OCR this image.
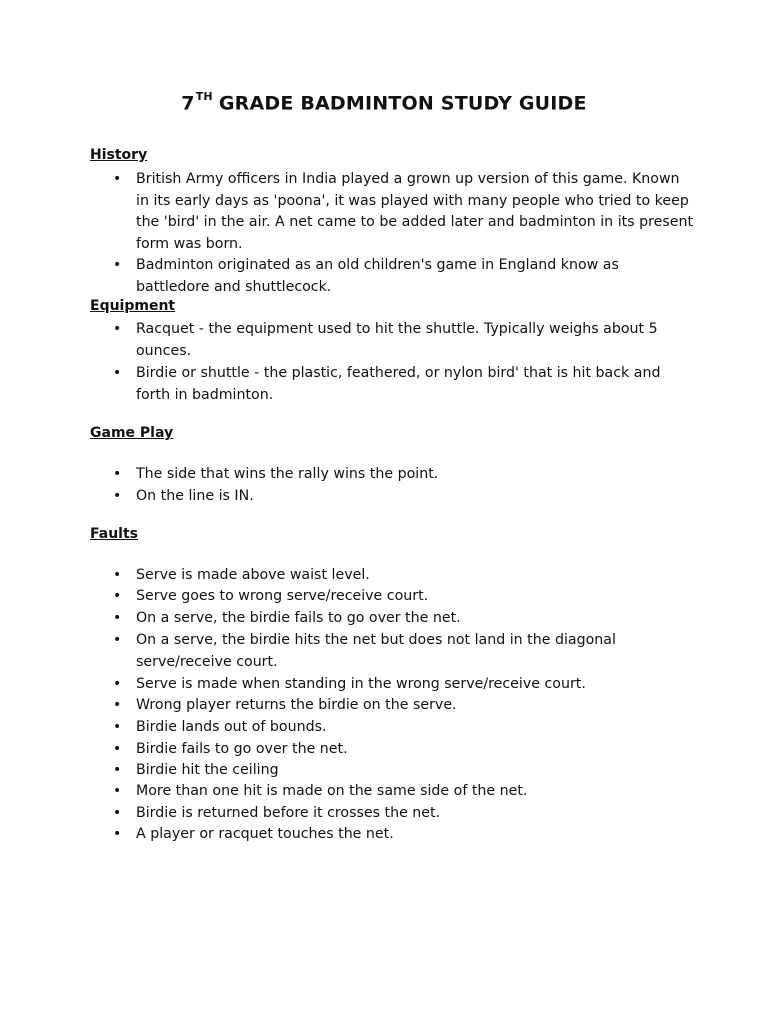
7TH GRADE BADMINTON STUDY GUIDE
History
• British Army officers in India played a grown up version of this game. Known in its early days as 'poona', it was played with many people who tried to keep the 'bird' in the air. A net came to be added later and badminton in its present form was born.
• Badminton originated as an old children's game in England know as battledore and shuttlecock.
Equipment
• Racquet - the equipment used to hit the shuttle. Typically weighs about 5 ounces.
• Birdie or shuttle - the plastic, feathered, or nylon bird' that is hit back and forth in badminton.
Game Play
• The side that wins the rally wins the point.
• On the line is IN.
Faults
• Serve is made above waist level.
• Serve goes to wrong serve/receive court.
• On a serve, the birdie fails to go over the net.
• On a serve, the birdie hits the net but does not land in the diagonal serve/receive court.
• Serve is made when standing in the wrong serve/receive court.
• Wrong player returns the birdie on the serve.
• Birdie lands out of bounds.
• Birdie fails to go over the net.
• Birdie hit the ceiling
• More than one hit is made on the same side of the net.
• Birdie is returned before it crosses the net.
• A player or racquet touches the net.
